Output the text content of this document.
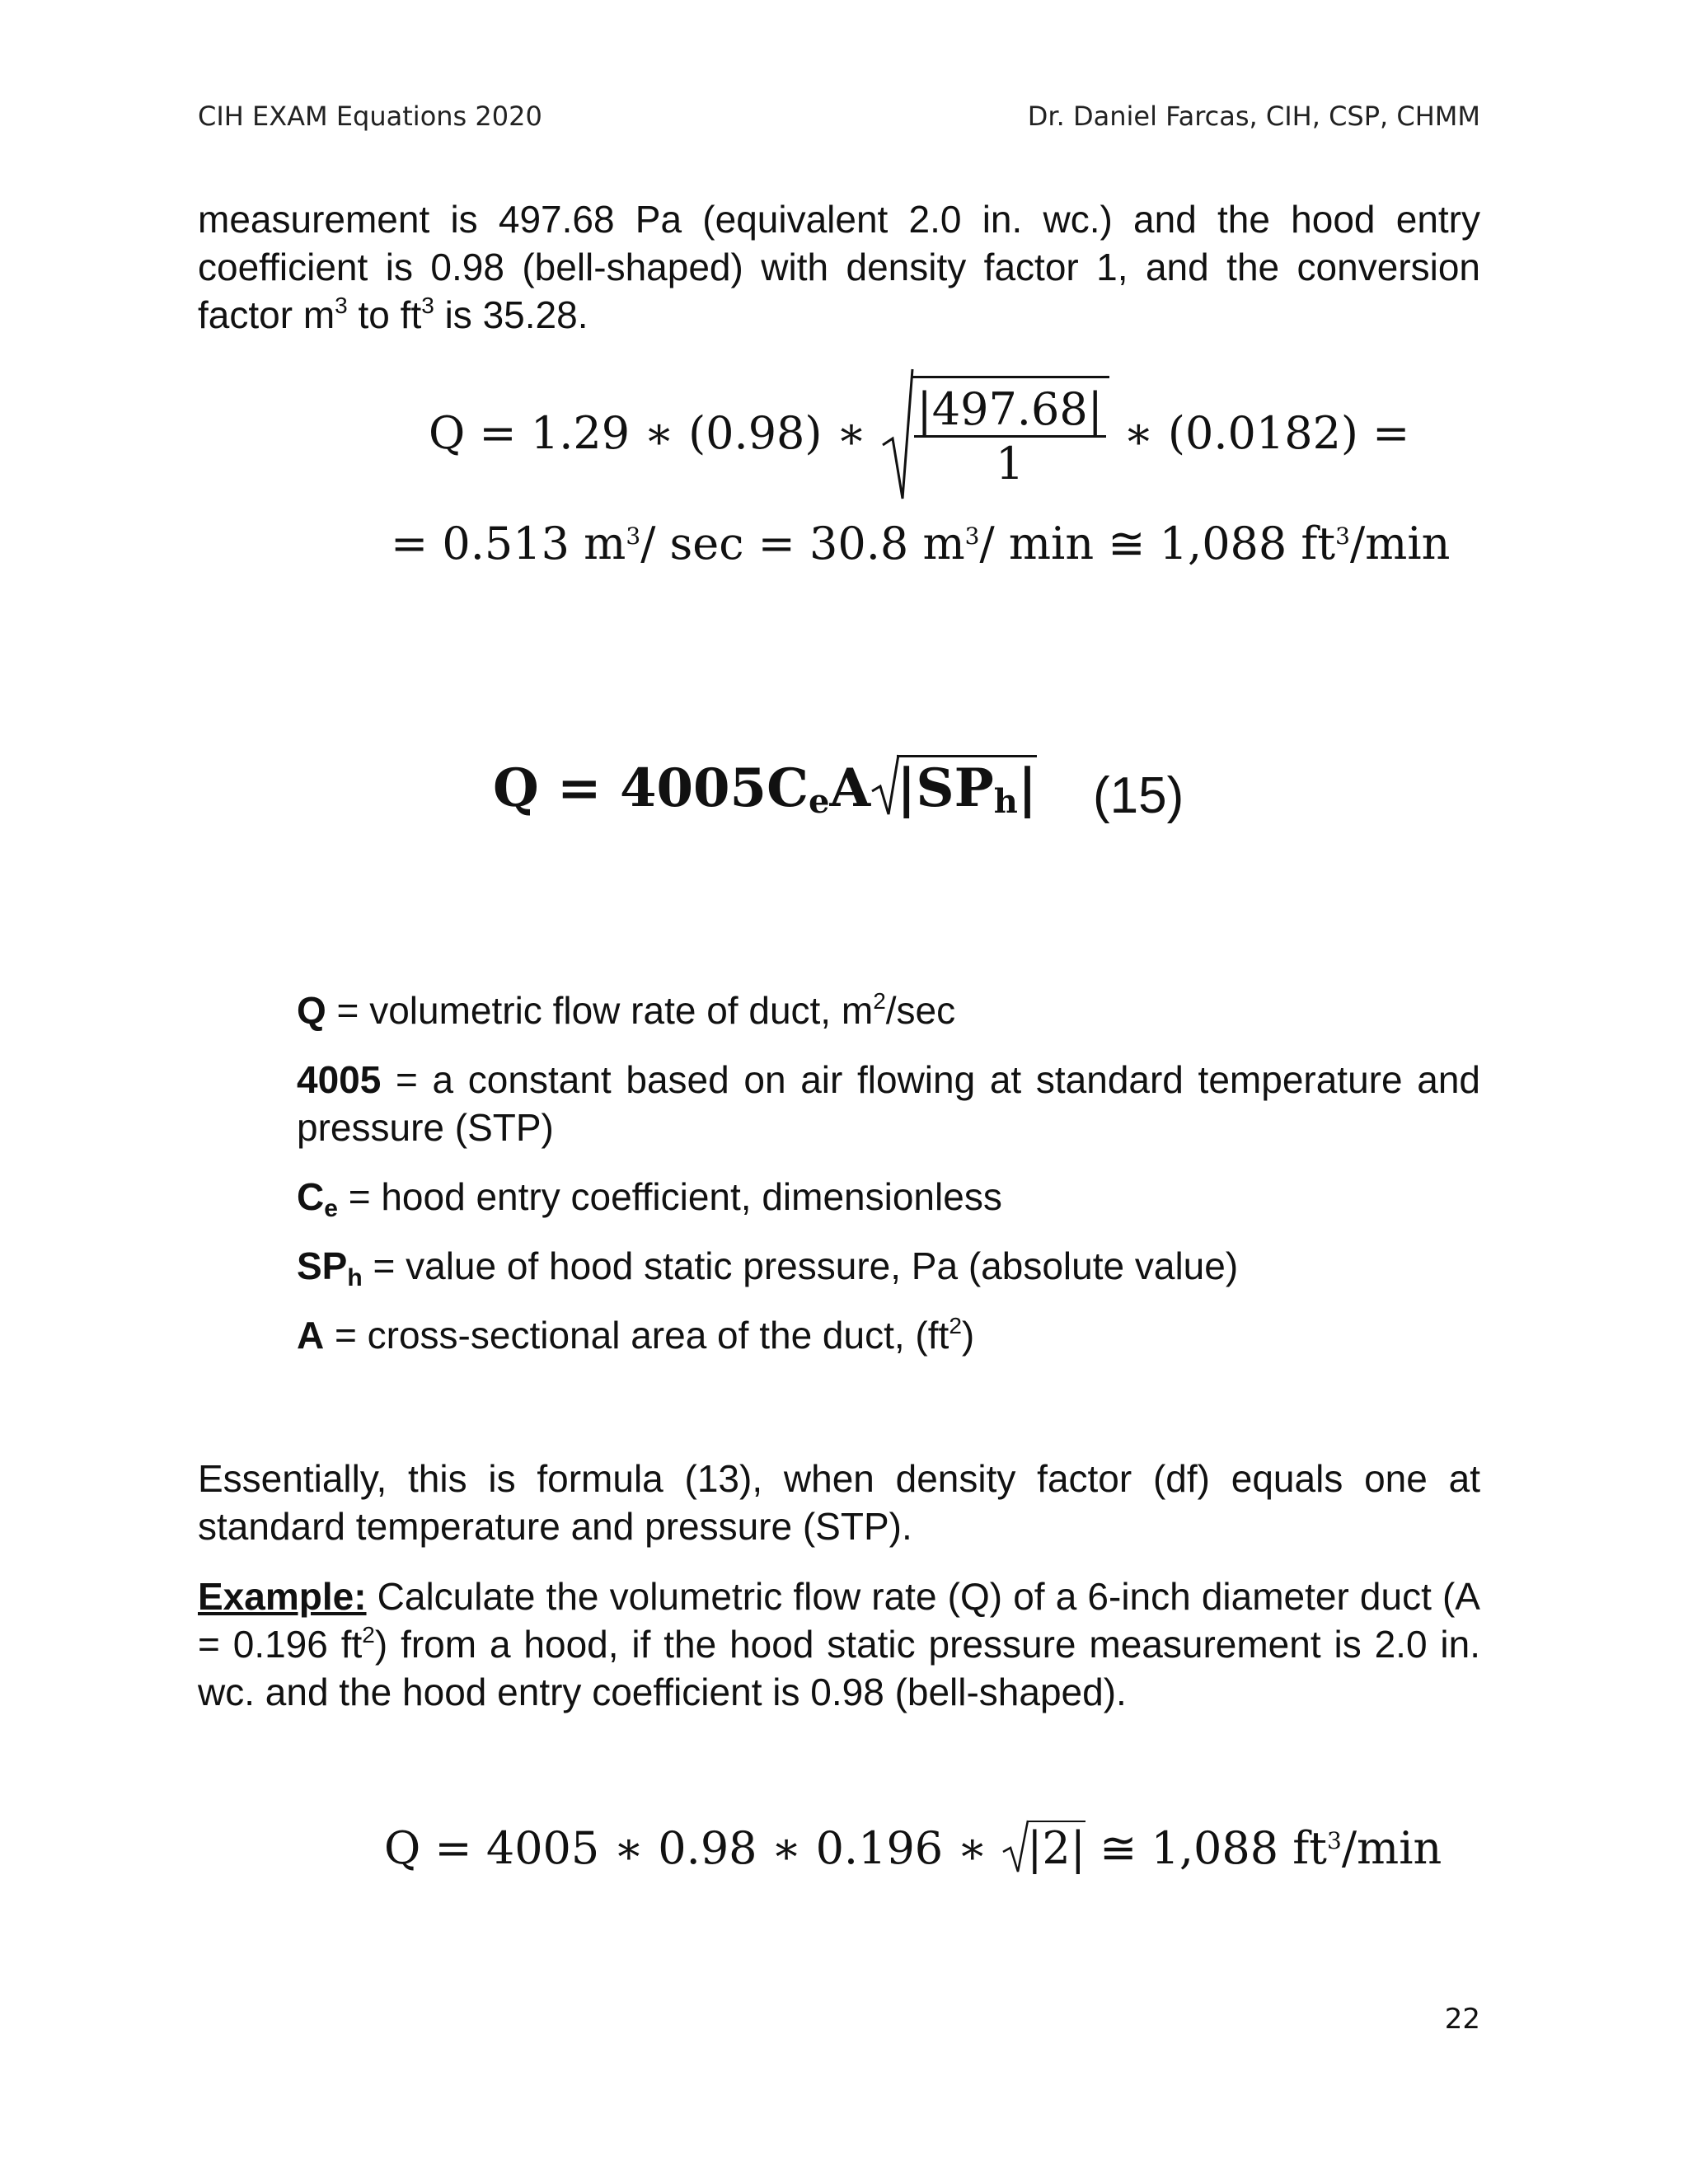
CIH EXAM Equations 2020	Dr. Daniel Farcas, CIH, CSP, CHMM
measurement is 497.68 Pa (equivalent 2.0 in. wc.) and the hood entry coefficient is 0.98 (bell-shaped) with density factor 1, and the conversion factor $m^3$ to $ft^3$ is 35.28.
Q = 1.29 ∗ (0.98) ∗ $\frac{|497.68|}{1}$ ∗ (0.0182) =
= 0.513 $m^3/$ sec = 30.8 $m^3/$ min ≅ 1,088 $ft^3/\min$
$Q = 4005C_eA$ $|SP_h|$ (15)
Q = volumetric flow rate of duct, $m^2/\sec$
4005 = a constant based on air flowing at standard temperature and pressure (STP)
$C_e$ = hood entry coefficient, dimensionless
$SP_h$ = value of hood static pressure, Pa (absolute value)
A = cross-sectional area of the duct, $(ft^2)$
Essentially, this is formula (13), when density factor (df) equals one at standard temperature and pressure (STP).
Example: Calculate the volumetric flow rate (Q) of a 6-inch diameter duct (A = 0.196 $ft^2$) from a hood, if the hood static pressure measurement is 2.0 in. wc. and the hood entry coefficient is 0.98 (bell-shaped).
Q = 4005 ∗ 0.98 ∗ 0.196 ∗ |2| ≅ 1,088 $ft^3/\min$
22
